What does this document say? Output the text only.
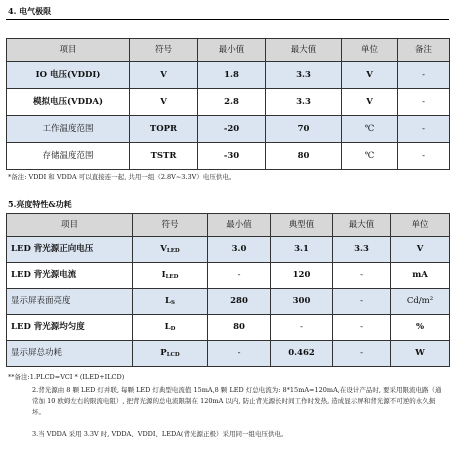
4. 电气极限
项目	符号	最小值	最大值	单位	备注
IO 电压(VDDI)	V	1.8	3.3	V	-
模拟电压(VDDA)	V	2.8	3.3	V	-
工作温度范围	TOPR	-20	70	℃	-
存储温度范围	TSTR	-30	80	℃	-
*备注: VDDI 和 VDDA 可以直接连一起, 共用一组（2.8V~3.3V）电压供电。
5.亮度特性&功耗
项目	符号	最小值	典型值	最大值	单位
LED 背光源正向电压	$V_{LED}$	3.0	3.1	3.3	V
LED 背光源电流	$I_{LED}$	-	120	-	mA
显示屏表面亮度	$L_S$	280	300	-	Cd/m²
LED 背光源均匀度	$L_D$	80	-	-	%
显示屏总功耗	$P_{LCD}$	-	0.462	-	W
**备注:1.PLCD=VCI * (ILED+ILCD)
2.背光源由 8 颗 LED 灯并联, 每颗 LED 灯典型电流值 15mA,8 颗 LED 灯总电流为: 8*15mA=120mA,在设计产品时, 要采用限流电路（通常加 10 欧姆左右的限流电阻）, 把背光源的总电流限制在 120mA 以内, 防止背光源长时间工作时发热, 造成显示屏和背光源不可逆的永久损坏。
3.当 VDDA 采用 3.3V 时, VDDA、VDDI、LEDA(背光源正极）采用同一组电压供电。
